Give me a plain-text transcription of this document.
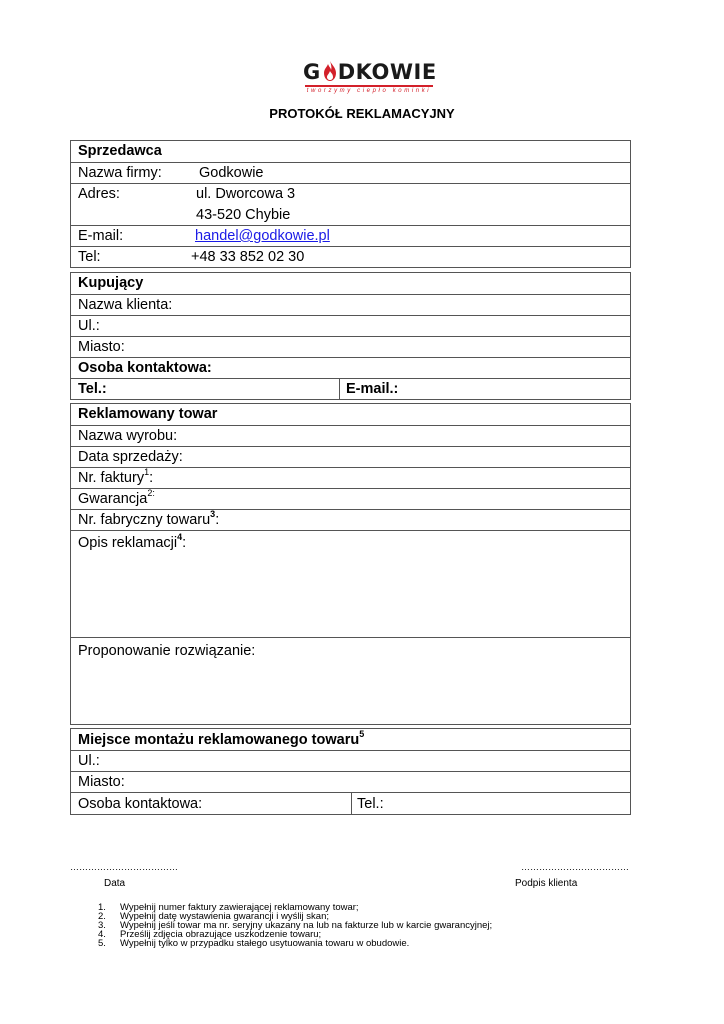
G DKOWIE
tworzymy ciepło kominki
PROTOKÓŁ REKLAMACYJNY
Sprzedawca
Nazwa firmy:	Godkowie
Adres:	ul. Dworcowa 3
43-520 Chybie
E-mail:	handel@godkowie.pl
Tel:	+48 33 852 02 30
Kupujący
Nazwa klienta:
Ul.:
Miasto:
Osoba kontaktowa:
Tel.:	E-mail.:
Reklamowany towar
Nazwa wyrobu:
Data sprzedaży:
Nr. faktury$^1$:
Gwarancja$^{2:}$
Nr. fabryczny towaru$^3$:
Opis reklamacji$^4$:
Proponowanie rozwiązanie:
Miejsce montażu reklamowanego towaru$^5$
Ul.:
Miasto:
Osoba kontaktowa:	Tel.:
………………………………
Data
………………………………
Podpis klienta
1. Wypełnij numer faktury zawierającej reklamowany towar;
2. Wypełnij datę wystawienia gwarancji i wyślij skan;
3. Wypełnij jeśli towar ma nr. seryjny ukazany na lub na fakturze lub w karcie gwarancyjnej;
4. Prześlij zdjęcia obrazujące uszkodzenie towaru;
5. Wypełnij tylko w przypadku stałego usytuowania towaru w obudowie.
